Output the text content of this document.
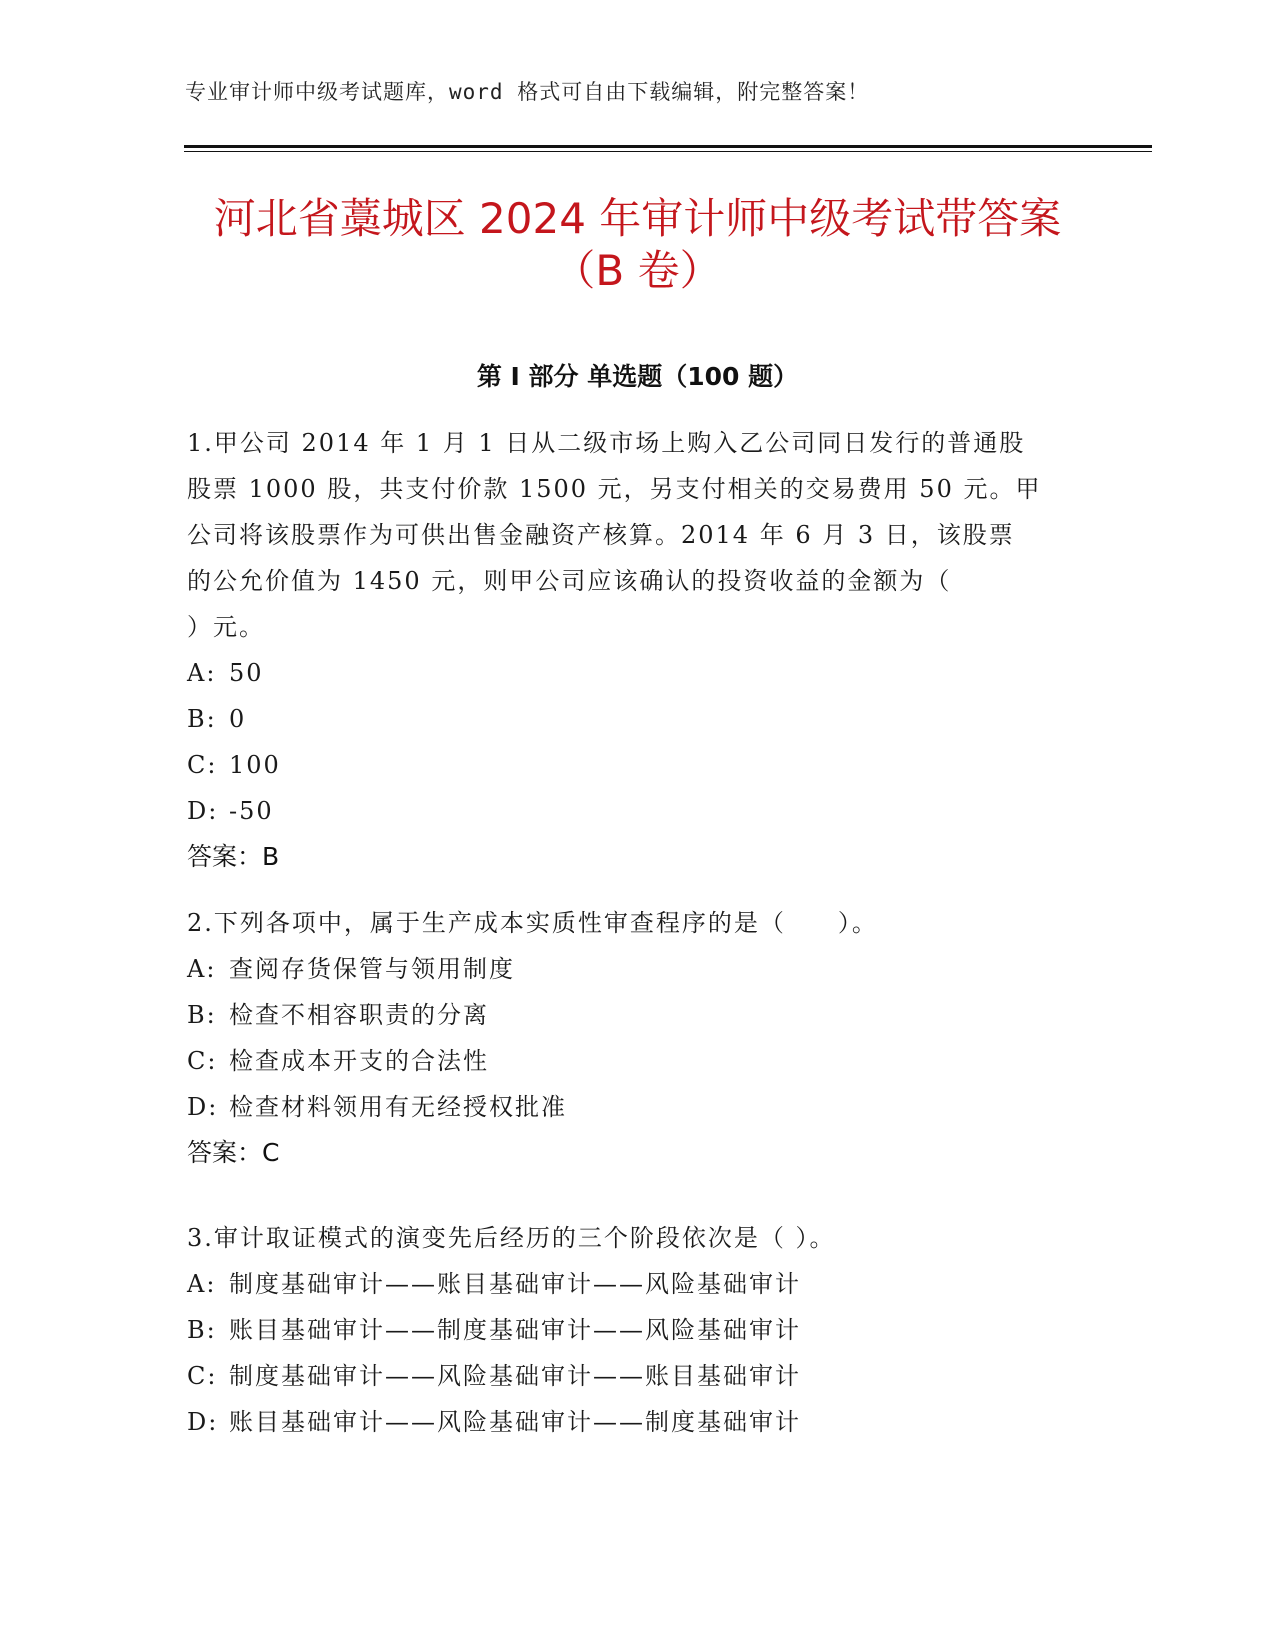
专业审计师中级考试题库，word 格式可自由下载编辑，附完整答案！
河北省藁城区 2024 年审计师中级考试带答案
（B 卷）
第 I 部分 单选题（100 题）

1.甲公司 2014 年 1 月 1 日从二级市场上购入乙公司同日发行的普通股
股票 1000 股，共支付价款 1500 元，另支付相关的交易费用 50 元。甲
公司将该股票作为可供出售金融资产核算。2014 年 6 月 3 日，该股票
的公允价值为 1450 元，则甲公司应该确认的投资收益的金额为（
）元。

A: 50

B: 0

C: 100

D: -50

答案：B

2.下列各项中，属于生产成本实质性审查程序的是（　　）。

A: 查阅存货保管与领用制度

B: 检查不相容职责的分离

C: 检查成本开支的合法性

D: 检查材料领用有无经授权批准

答案：C

3.审计取证模式的演变先后经历的三个阶段依次是（ ）。

A: 制度基础审计——账目基础审计——风险基础审计

B: 账目基础审计——制度基础审计——风险基础审计

C: 制度基础审计——风险基础审计——账目基础审计

D: 账目基础审计——风险基础审计——制度基础审计
